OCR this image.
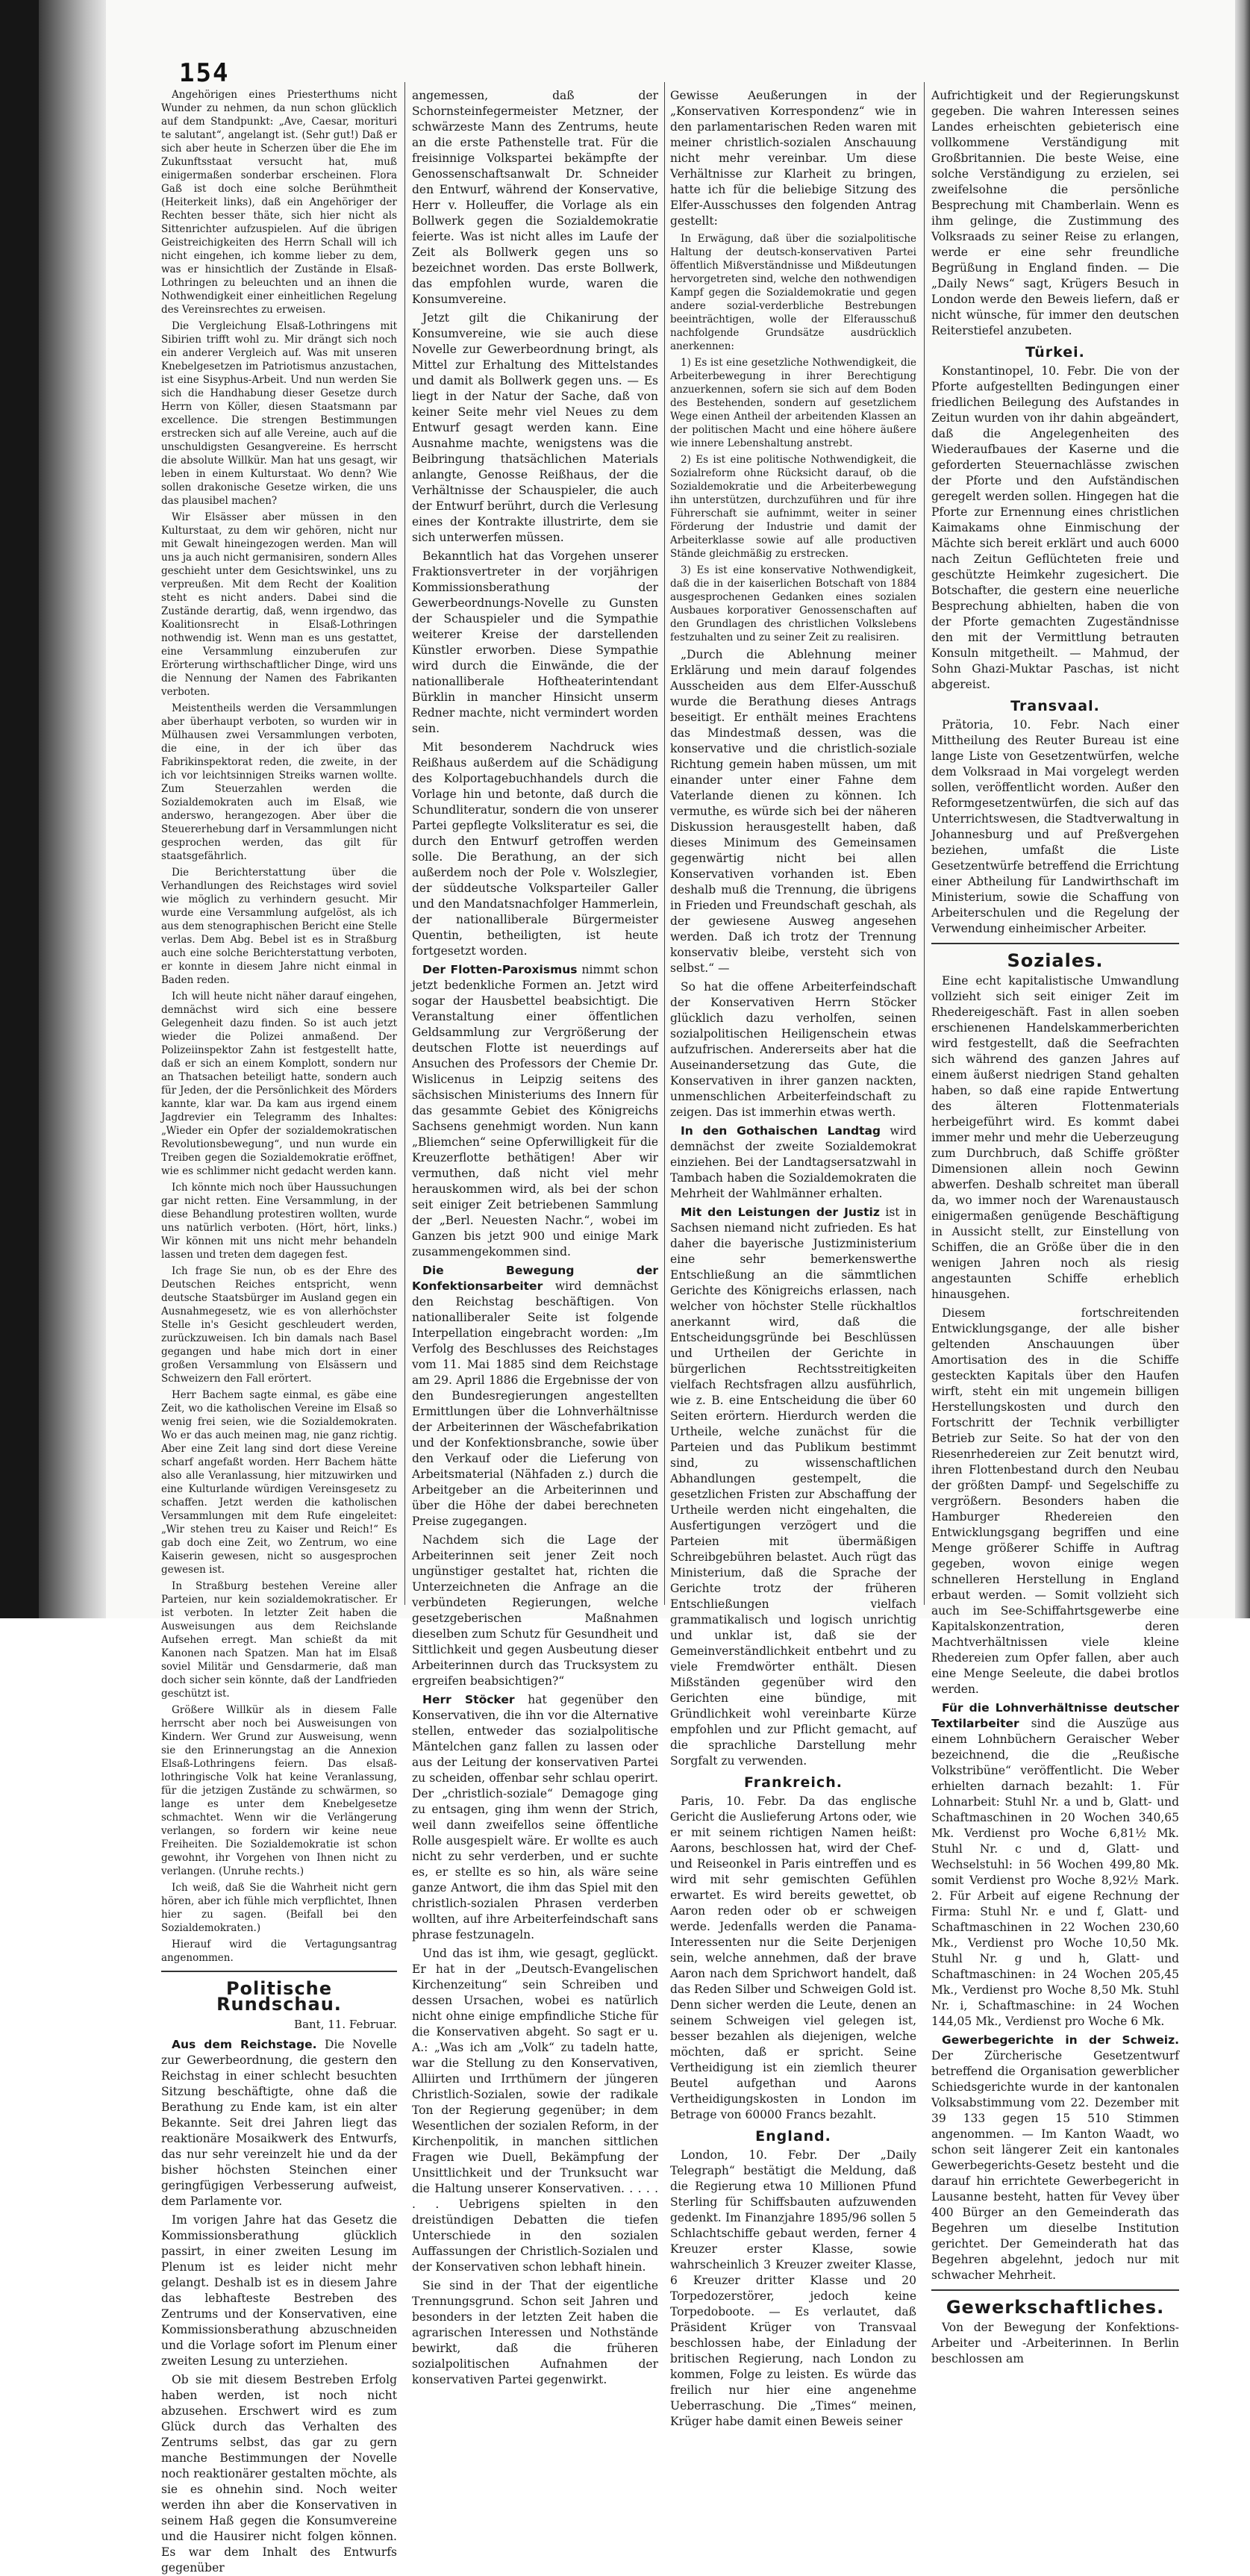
154

Angehörigen eines Priesterthums nicht Wunder zu nehmen, da nun schon glücklich auf dem Standpunkt: „Ave, Caesar, morituri te salutant“, angelangt ist. (Sehr gut!) Daß er sich aber heute in Scherzen über die Ehe im Zukunftsstaat versucht hat, muß einigermaßen sonderbar erscheinen. Flora Gaß ist doch eine solche Berühmtheit (Heiterkeit links), daß ein Angehöriger der Rechten besser thäte, sich hier nicht als Sittenrichter aufzuspielen. Auf die übrigen Geistreichigkeiten des Herrn Schall will ich nicht eingehen, ich komme lieber zu dem, was er hinsichtlich der Zustände in Elsaß-Lothringen zu beleuchten und an ihnen die Nothwendigkeit einer einheitlichen Regelung des Vereinsrechtes zu erweisen.

Die Vergleichung Elsaß-Lothringens mit Sibirien trifft wohl zu. Mir drängt sich noch ein anderer Vergleich auf. Was mit unseren Knebelgesetzen im Patriotismus anzustachen, ist eine Sisyphus-Arbeit. Und nun werden Sie sich die Handhabung dieser Gesetze durch Herrn von Köller, diesen Staatsmann par excellence. Die strengen Bestimmungen erstrecken sich auf alle Vereine, auch auf die unschuldigsten Gesangvereine. Es herrscht die absolute Willkür. Man hat uns gesagt, wir leben in einem Kulturstaat. Wo denn? Wie sollen drakonische Gesetze wirken, die uns das plausibel machen?

Wir Elsässer aber müssen in den Kulturstaat, zu dem wir gehören, nicht nur mit Gewalt hineingezogen werden. Man will uns ja auch nicht germanisiren, sondern Alles geschieht unter dem Gesichtswinkel, uns zu verpreußen. Mit dem Recht der Koalition steht es nicht anders. Dabei sind die Zustände derartig, daß, wenn irgendwo, das Koalitionsrecht in Elsaß-Lothringen nothwendig ist. Wenn man es uns gestattet, eine Versammlung einzuberufen zur Erörterung wirthschaftlicher Dinge, wird uns die Nennung der Namen des Fabrikanten verboten.

Meistentheils werden die Versammlungen aber überhaupt verboten, so wurden wir in Mülhausen zwei Versammlungen verboten, die eine, in der ich über das Fabrikinspektorat reden, die zweite, in der ich vor leichtsinnigen Streiks warnen wollte. Zum Steuerzahlen werden die Sozialdemokraten auch im Elsaß, wie anderswo, herangezogen. Aber über die Steuererhebung darf in Versammlungen nicht gesprochen werden, das gilt für staatsgefährlich.

Die Berichterstattung über die Verhandlungen des Reichstages wird soviel wie möglich zu verhindern gesucht. Mir wurde eine Versammlung aufgelöst, als ich aus dem stenographischen Bericht eine Stelle verlas. Dem Abg. Bebel ist es in Straßburg auch eine solche Berichterstattung verboten, er konnte in diesem Jahre nicht einmal in Baden reden.

Ich will heute nicht näher darauf eingehen, demnächst wird sich eine bessere Gelegenheit dazu finden. So ist auch jetzt wieder die Polizei anmaßend. Der Polizeiinspektor Zahn ist festgestellt hatte, daß er sich an einem Komplott, sondern nur an Thatsachen beteiligt hatte, sondern auch für Jeden, der die Persönlichkeit des Mörders kannte, klar war. Da kam aus irgend einem Jagdrevier ein Telegramm des Inhaltes: „Wieder ein Opfer der sozialdemokratischen Revolutionsbewegung“, und nun wurde ein Treiben gegen die Sozialdemokratie eröffnet, wie es schlimmer nicht gedacht werden kann.

Ich könnte mich noch über Haussuchungen gar nicht retten. Eine Versammlung, in der diese Behandlung protestiren wollten, wurde uns natürlich verboten. (Hört, hört, links.) Wir können mit uns nicht mehr behandeln lassen und treten dem dagegen fest.

Ich frage Sie nun, ob es der Ehre des Deutschen Reiches entspricht, wenn deutsche Staatsbürger im Ausland gegen ein Ausnahmegesetz, wie es von allerhöchster Stelle in's Gesicht geschleudert werden, zurückzuweisen. Ich bin damals nach Basel gegangen und habe mich dort in einer großen Versammlung von Elsässern und Schweizern den Fall erörtert.

Herr Bachem sagte einmal, es gäbe eine Zeit, wo die katholischen Vereine im Elsaß so wenig frei seien, wie die Sozialdemokraten. Wo er das auch meinen mag, nie ganz richtig. Aber eine Zeit lang sind dort diese Vereine scharf angefaßt worden. Herr Bachem hätte also alle Veranlassung, hier mitzuwirken und eine Kulturlande würdigen Vereinsgesetz zu schaffen. Jetzt werden die katholischen Versammlungen mit dem Rufe eingeleitet: „Wir stehen treu zu Kaiser und Reich!“ Es gab doch eine Zeit, wo Zentrum, wo eine Kaiserin gewesen, nicht so ausgesprochen gewesen ist.

In Straßburg bestehen Vereine aller Parteien, nur kein sozialdemokratischer. Er ist verboten. In letzter Zeit haben die Ausweisungen aus dem Reichslande Aufsehen erregt. Man schießt da mit Kanonen nach Spatzen. Man hat im Elsaß soviel Militär und Gensdarmerie, daß man doch sicher sein könnte, daß der Landfrieden geschützt ist.

Größere Willkür als in diesem Falle herrscht aber noch bei Ausweisungen von Kindern. Wer Grund zur Ausweisung, wenn sie den Erinnerungstag an die Annexion Elsaß-Lothringens feiern. Das elsaß-lothringische Volk hat keine Veranlassung, für die jetzigen Zustände zu schwärmen, so lange es unter dem Knebelgesetze schmachtet. Wenn wir die Verlängerung verlangen, so fordern wir keine neue Freiheiten. Die Sozialdemokratie ist schon gewohnt, ihr Vorgehen von Ihnen nicht zu verlangen. (Unruhe rechts.)

Ich weiß, daß Sie die Wahrheit nicht gern hören, aber ich fühle mich verpflichtet, Ihnen hier zu sagen. (Beifall bei den Sozialdemokraten.)

Hierauf wird die Vertagungsantrag angenommen.

Politische Rundschau.
Bant, 11. Februar.

Aus dem Reichstage. Die Novelle zur Gewerbeordnung, die gestern den Reichstag in einer schlecht besuchten Sitzung beschäftigte, ohne daß die Berathung zu Ende kam, ist ein alter Bekannte. Seit drei Jahren liegt das reaktionäre Mosaikwerk des Entwurfs, das nur sehr vereinzelt hie und da der bisher höchsten Steinchen einer geringfügigen Verbesserung aufweist, dem Parlamente vor.

Im vorigen Jahre hat das Gesetz die Kommissionsberathung glücklich passirt, in einer zweiten Lesung im Plenum ist es leider nicht mehr gelangt. Deshalb ist es in diesem Jahre das lebhafteste Bestreben des Zentrums und der Konservativen, eine Kommissionsberathung abzuschneiden und die Vorlage sofort im Plenum einer zweiten Lesung zu unterziehen.

Ob sie mit diesem Bestreben Erfolg haben werden, ist noch nicht abzusehen. Erschwert wird es zum Glück durch das Verhalten des Zentrums selbst, das gar zu gern manche Bestimmungen der Novelle noch reaktionärer gestalten möchte, als sie es ohnehin sind. Noch weiter werden ihn aber die Konservativen in seinem Haß gegen die Konsumvereine und die Hausirer nicht folgen können. Es war dem Inhalt des Entwurfs gegenüber

angemessen, daß der Schornsteinfegermeister Metzner, der schwärzeste Mann des Zentrums, heute an die erste Pathenstelle trat. Für die freisinnige Volkspartei bekämpfte der Genossenschaftsanwalt Dr. Schneider den Entwurf, während der Konservative, Herr v. Holleuffer, die Vorlage als ein Bollwerk gegen die Sozialdemokratie feierte. Was ist nicht alles im Laufe der Zeit als Bollwerk gegen uns so bezeichnet worden. Das erste Bollwerk, das empfohlen wurde, waren die Konsumvereine.

Jetzt gilt die Chikanirung der Konsumvereine, wie sie auch diese Novelle zur Gewerbeordnung bringt, als Mittel zur Erhaltung des Mittelstandes und damit als Bollwerk gegen uns. — Es liegt in der Natur der Sache, daß von keiner Seite mehr viel Neues zu dem Entwurf gesagt werden kann. Eine Ausnahme machte, wenigstens was die Beibringung thatsächlichen Materials anlangte, Genosse Reißhaus, der die Verhältnisse der Schauspieler, die auch der Entwurf berührt, durch die Verlesung eines der Kontrakte illustrirte, dem sie sich unterwerfen müssen.

Bekanntlich hat das Vorgehen unserer Fraktionsvertreter in der vorjährigen Kommissionsberathung der Gewerbeordnungs-Novelle zu Gunsten der Schauspieler und die Sympathie weiterer Kreise der darstellenden Künstler erworben. Diese Sympathie wird durch die Einwände, die der nationalliberale Hoftheaterintendant Bürklin in mancher Hinsicht unserm Redner machte, nicht vermindert worden sein.

Mit besonderem Nachdruck wies Reißhaus außerdem auf die Schädigung des Kolportagebuchhandels durch die Vorlage hin und betonte, daß durch die Schundliteratur, sondern die von unserer Partei gepflegte Volksliteratur es sei, die durch den Entwurf getroffen werden solle. Die Berathung, an der sich außerdem noch der Pole v. Wolszlegier, der süddeutsche Volksparteiler Galler und den Mandatsnachfolger Hammerlein, der nationalliberale Bürgermeister Quentin, betheiligten, ist heute fortgesetzt worden.

Der Flotten-Paroxismus nimmt schon jetzt bedenkliche Formen an. Jetzt wird sogar der Hausbettel beabsichtigt. Die Veranstaltung einer öffentlichen Geldsammlung zur Vergrößerung der deutschen Flotte ist neuerdings auf Ansuchen des Professors der Chemie Dr. Wislicenus in Leipzig seitens des sächsischen Ministeriums des Innern für das gesammte Gebiet des Königreichs Sachsens genehmigt worden. Nun kann „Bliemchen“ seine Opferwilligkeit für die Kreuzerflotte bethätigen! Aber wir vermuthen, daß nicht viel mehr herauskommen wird, als bei der schon seit einiger Zeit betriebenen Sammlung der „Berl. Neuesten Nachr.“, wobei im Ganzen bis jetzt 900 und einige Mark zusammengekommen sind.

Die Bewegung der Konfektionsarbeiter wird demnächst den Reichstag beschäftigen. Von nationalliberaler Seite ist folgende Interpellation eingebracht worden: „Im Verfolg des Beschlusses des Reichstages vom 11. Mai 1885 sind dem Reichstage am 29. April 1886 die Ergebnisse der von den Bundesregierungen angestellten Ermittlungen über die Lohnverhältnisse der Arbeiterinnen der Wäschefabrikation und der Konfektionsbranche, sowie über den Verkauf oder die Lieferung von Arbeitsmaterial (Nähfaden z.) durch die Arbeitgeber an die Arbeiterinnen und über die Höhe der dabei berechneten Preise zugegangen.

Nachdem sich die Lage der Arbeiterinnen seit jener Zeit noch ungünstiger gestaltet hat, richten die Unterzeichneten die Anfrage an die verbündeten Regierungen, welche gesetzgeberischen Maßnahmen dieselben zum Schutz für Gesundheit und Sittlichkeit und gegen Ausbeutung dieser Arbeiterinnen durch das Trucksystem zu ergreifen beabsichtigen?“

Herr Stöcker hat gegenüber den Konservativen, die ihn vor die Alternative stellen, entweder das sozialpolitische Mäntelchen ganz fallen zu lassen oder aus der Leitung der konservativen Partei zu scheiden, offenbar sehr schlau operirt. Der „christlich-soziale“ Demagoge ging zu entsagen, ging ihm wenn der Strich, weil dann zweifellos seine öffentliche Rolle ausgespielt wäre. Er wollte es auch nicht zu sehr verderben, und er suchte es, er stellte es so hin, als wäre seine ganze Antwort, die ihm das Spiel mit den christlich-sozialen Phrasen verderben wollten, auf ihre Arbeiterfeindschaft sans phrase festzunageln.

Und das ist ihm, wie gesagt, geglückt. Er hat in der „Deutsch-Evangelischen Kirchenzeitung“ sein Schreiben und dessen Ursachen, wobei es natürlich nicht ohne einige empfindliche Stiche für die Konservativen abgeht. So sagt er u. A.: „Was ich am „Volk“ zu tadeln hatte, war die Stellung zu den Konservativen, Alliirten und Irrthümern der jüngeren Christlich-Sozialen, sowie der radikale Ton der Regierung gegenüber; in dem Wesentlichen der sozialen Reform, in der Kirchenpolitik, in manchen sittlichen Fragen wie Duell, Bekämpfung der Unsittlichkeit und der Trunksucht war die Haltung unserer Konservativen. . . . . . . Uebrigens spielten in den dreistündigen Debatten die tiefen Unterschiede in den sozialen Auffassungen der Christlich-Sozialen und der Konservativen schon lebhaft hinein.

Sie sind in der That der eigentliche Trennungsgrund. Schon seit Jahren und besonders in der letzten Zeit haben die agrarischen Interessen und Nothstände bewirkt, daß die früheren sozialpolitischen Aufnahmen der konservativen Partei gegenwirkt.

Gewisse Aeußerungen in der „Konservativen Korrespondenz“ wie in den parlamentarischen Reden waren mit meiner christlich-sozialen Anschauung nicht mehr vereinbar. Um diese Verhältnisse zur Klarheit zu bringen, hatte ich für die beliebige Sitzung des Elfer-Ausschusses den folgenden Antrag gestellt:

In Erwägung, daß über die sozialpolitische Haltung der deutsch-konservativen Partei öffentlich Mißverständnisse und Mißdeutungen hervorgetreten sind, welche den nothwendigen Kampf gegen die Sozialdemokratie und gegen andere sozial-verderbliche Bestrebungen beeinträchtigen, wolle der Elferausschuß nachfolgende Grundsätze ausdrücklich anerkennen:

1) Es ist eine gesetzliche Nothwendigkeit, die Arbeiterbewegung in ihrer Berechtigung anzuerkennen, sofern sie sich auf dem Boden des Bestehenden, sondern auf gesetzlichem Wege einen Antheil der arbeitenden Klassen an der politischen Macht und eine höhere äußere wie innere Lebenshaltung anstrebt.

2) Es ist eine politische Nothwendigkeit, die Sozialreform ohne Rücksicht darauf, ob die Sozialdemokratie und die Arbeiterbewegung ihn unterstützen, durchzuführen und für ihre Führerschaft sie aufnimmt, weiter in seiner Förderung der Industrie und damit der Arbeiterklasse sowie auf alle productiven Stände gleichmäßig zu erstrecken.

3) Es ist eine konservative Nothwendigkeit, daß die in der kaiserlichen Botschaft von 1884 ausgesprochenen Gedanken eines sozialen Ausbaues korporativer Genossenschaften auf den Grundlagen des christlichen Volkslebens festzuhalten und zu seiner Zeit zu realisiren.

„Durch die Ablehnung meiner Erklärung und mein darauf folgendes Ausscheiden aus dem Elfer-Ausschuß wurde die Berathung dieses Antrags beseitigt. Er enthält meines Erachtens das Mindestmaß dessen, was die konservative und die christlich-soziale Richtung gemein haben müssen, um mit einander unter einer Fahne dem Vaterlande dienen zu können. Ich vermuthe, es würde sich bei der näheren Diskussion herausgestellt haben, daß dieses Minimum des Gemeinsamen gegenwärtig nicht bei allen Konservativen vorhanden ist. Eben deshalb muß die Trennung, die übrigens in Frieden und Freundschaft geschah, als der gewiesene Ausweg angesehen werden. Daß ich trotz der Trennung konservativ bleibe, versteht sich von selbst.“ —

So hat die offene Arbeiterfeindschaft der Konservativen Herrn Stöcker glücklich dazu verholfen, seinen sozialpolitischen Heiligenschein etwas aufzufrischen. Andererseits aber hat die Auseinandersetzung das Gute, die Konservativen in ihrer ganzen nackten, unmenschlichen Arbeiterfeindschaft zu zeigen. Das ist immerhin etwas werth.

In den Gothaischen Landtag wird demnächst der zweite Sozialdemokrat einziehen. Bei der Landtagsersatzwahl in Tambach haben die Sozialdemokraten die Mehrheit der Wahlmänner erhalten.

Mit den Leistungen der Justiz ist in Sachsen niemand nicht zufrieden. Es hat daher die bayerische Justizministerium eine sehr bemerkenswerthe Entschließung an die sämmtlichen Gerichte des Königreichs erlassen, nach welcher von höchster Stelle rückhaltlos anerkannt wird, daß die Entscheidungsgründe bei Beschlüssen und Urtheilen der Gerichte in bürgerlichen Rechtsstreitigkeiten vielfach Rechtsfragen allzu ausführlich, wie z. B. eine Entscheidung die über 60 Seiten erörtern. Hierdurch werden die Urtheile, welche zunächst für die Parteien und das Publikum bestimmt sind, zu wissenschaftlichen Abhandlungen gestempelt, die gesetzlichen Fristen zur Abschaffung der Urtheile werden nicht eingehalten, die Ausfertigungen verzögert und die Parteien mit übermäßigen Schreibgebühren belastet. Auch rügt das Ministerium, daß die Sprache der Gerichte trotz der früheren Entschließungen vielfach grammatikalisch und logisch unrichtig und unklar ist, daß sie der Gemeinverständlichkeit entbehrt und zu viele Fremdwörter enthält. Diesen Mißständen gegenüber wird den Gerichten eine bündige, mit Gründlichkeit wohl vereinbarte Kürze empfohlen und zur Pflicht gemacht, auf die sprachliche Darstellung mehr Sorgfalt zu verwenden.

Frankreich.

Paris, 10. Febr. Da das englische Gericht die Auslieferung Artons oder, wie er mit seinem richtigen Namen heißt: Aarons, beschlossen hat, wird der Chef- und Reiseonkel in Paris eintreffen und es wird mit sehr gemischten Gefühlen erwartet. Es wird bereits gewettet, ob Aaron reden oder ob er schweigen werde. Jedenfalls werden die Panama-Interessenten nur die Seite Derjenigen sein, welche annehmen, daß der brave Aaron nach dem Sprichwort handelt, daß das Reden Silber und Schweigen Gold ist. Denn sicher werden die Leute, denen an seinem Schweigen viel gelegen ist, besser bezahlen als diejenigen, welche möchten, daß er spricht. Seine Vertheidigung ist ein ziemlich theurer Beutel aufgethan und Aarons Vertheidigungskosten in London im Betrage von 60000 Francs bezahlt.

England.

London, 10. Febr. Der „Daily Telegraph“ bestätigt die Meldung, daß die Regierung etwa 10 Millionen Pfund Sterling für Schiffsbauten aufzuwenden gedenkt. Im Finanzjahre 1895/96 sollen 5 Schlachtschiffe gebaut werden, ferner 4 Kreuzer erster Klasse, sowie wahrscheinlich 3 Kreuzer zweiter Klasse, 6 Kreuzer dritter Klasse und 20 Torpedozerstörer, jedoch keine Torpedoboote. — Es verlautet, daß Präsident Krüger von Transvaal beschlossen habe, der Einladung der britischen Regierung, nach London zu kommen, Folge zu leisten. Es würde das freilich nur hier eine angenehme Ueberraschung. Die „Times“ meinen, Krüger habe damit einen Beweis seiner

Aufrichtigkeit und der Regierungskunst gegeben. Die wahren Interessen seines Landes erheischten gebieterisch eine vollkommene Verständigung mit Großbritannien. Die beste Weise, eine solche Verständigung zu erzielen, sei zweifelsohne die persönliche Besprechung mit Chamberlain. Wenn es ihm gelinge, die Zustimmung des Volksraads zu seiner Reise zu erlangen, werde er eine sehr freundliche Begrüßung in England finden. — Die „Daily News“ sagt, Krügers Besuch in London werde den Beweis liefern, daß er nicht wünsche, für immer den deutschen Reiterstiefel anzubeten.

Türkei.

Konstantinopel, 10. Febr. Die von der Pforte aufgestellten Bedingungen einer friedlichen Beilegung des Aufstandes in Zeitun wurden von ihr dahin abgeändert, daß die Angelegenheiten des Wiederaufbaues der Kaserne und die geforderten Steuernachlässe zwischen der Pforte und den Aufständischen geregelt werden sollen. Hingegen hat die Pforte zur Ernennung eines christlichen Kaimakams ohne Einmischung der Mächte sich bereit erklärt und auch 6000 nach Zeitun Geflüchteten freie und geschützte Heimkehr zugesichert. Die Botschafter, die gestern eine neuerliche Besprechung abhielten, haben die von der Pforte gemachten Zugeständnisse den mit der Vermittlung betrauten Konsuln mitgetheilt. — Mahmud, der Sohn Ghazi-Muktar Paschas, ist nicht abgereist.

Transvaal.

Prätoria, 10. Febr. Nach einer Mittheilung des Reuter Bureau ist eine lange Liste von Gesetzentwürfen, welche dem Volksraad in Mai vorgelegt werden sollen, veröffentlicht worden. Außer den Reformgesetzentwürfen, die sich auf das Unterrichtswesen, die Stadtverwaltung in Johannesburg und auf Preßvergehen beziehen, umfaßt die Liste Gesetzentwürfe betreffend die Errichtung einer Abtheilung für Landwirthschaft im Ministerium, sowie die Schaffung von Arbeiterschulen und die Regelung der Verwendung einheimischer Arbeiter.

Soziales.

Eine echt kapitalistische Umwandlung vollzieht sich seit einiger Zeit im Rhedereigeschäft. Fast in allen soeben erschienenen Handelskammerberichten wird festgestellt, daß die Seefrachten sich während des ganzen Jahres auf einem äußerst niedrigen Stand gehalten haben, so daß eine rapide Entwertung des älteren Flottenmaterials herbeigeführt wird. Es kommt dabei immer mehr und mehr die Ueberzeugung zum Durchbruch, daß Schiffe größter Dimensionen allein noch Gewinn abwerfen. Deshalb schreitet man überall da, wo immer noch der Warenaustausch einigermaßen genügende Beschäftigung in Aussicht stellt, zur Einstellung von Schiffen, die an Größe über die in den wenigen Jahren noch als riesig angestaunten Schiffe erheblich hinausgehen.

Diesem fortschreitenden Entwicklungsgange, der alle bisher geltenden Anschauungen über Amortisation des in die Schiffe gesteckten Kapitals über den Haufen wirft, steht ein mit ungemein billigen Herstellungskosten und durch den Fortschritt der Technik verbilligter Betrieb zur Seite. So hat der von den Riesenrhedereien zur Zeit benutzt wird, ihren Flottenbestand durch den Neubau der größten Dampf- und Segelschiffe zu vergrößern. Besonders haben die Hamburger Rhedereien den Entwicklungsgang begriffen und eine Menge größerer Schiffe in Auftrag gegeben, wovon einige wegen schnelleren Herstellung in England erbaut werden. — Somit vollzieht sich auch im See-Schiffahrtsgewerbe eine Kapitalskonzentration, deren Machtverhältnissen viele kleine Rhedereien zum Opfer fallen, aber auch eine Menge Seeleute, die dabei brotlos werden.

Für die Lohnverhältnisse deutscher Textilarbeiter sind die Auszüge aus einem Lohnbüchern Geraischer Weber bezeichnend, die die „Reußische Volkstribüne“ veröffentlicht. Die Weber erhielten darnach bezahlt: 1. Für Lohnarbeit: Stuhl Nr. a und b, Glatt- und Schaftmaschinen in 20 Wochen 340,65 Mk. Verdienst pro Woche 6,81½ Mk. Stuhl Nr. c und d, Glatt- und Wechselstuhl: in 56 Wochen 499,80 Mk. somit Verdienst pro Woche 8,92½ Mark. 2. Für Arbeit auf eigene Rechnung der Firma: Stuhl Nr. e und f, Glatt- und Schaftmaschinen in 22 Wochen 230,60 Mk., Verdienst pro Woche 10,50 Mk. Stuhl Nr. g und h, Glatt- und Schaftmaschinen: in 24 Wochen 205,45 Mk., Verdienst pro Woche 8,50 Mk. Stuhl Nr. i, Schaftmaschine: in 24 Wochen 144,05 Mk., Verdienst pro Woche 6 Mk.

Gewerbegerichte in der Schweiz. Der Zürcherische Gesetzentwurf betreffend die Organisation gewerblicher Schiedsgerichte wurde in der kantonalen Volksabstimmung vom 22. Dezember mit 39 133 gegen 15 510 Stimmen angenommen. — Im Kanton Waadt, wo schon seit längerer Zeit ein kantonales Gewerbegerichts-Gesetz besteht und die darauf hin errichtete Gewerbegericht in Lausanne besteht, hatten für Vevey über 400 Bürger an den Gemeinderath das Begehren um dieselbe Institution gerichtet. Der Gemeinderath hat das Begehren abgelehnt, jedoch nur mit schwacher Mehrheit.

Gewerkschaftliches.

Von der Bewegung der Konfektions-Arbeiter und -Arbeiterinnen. In Berlin beschlossen am
